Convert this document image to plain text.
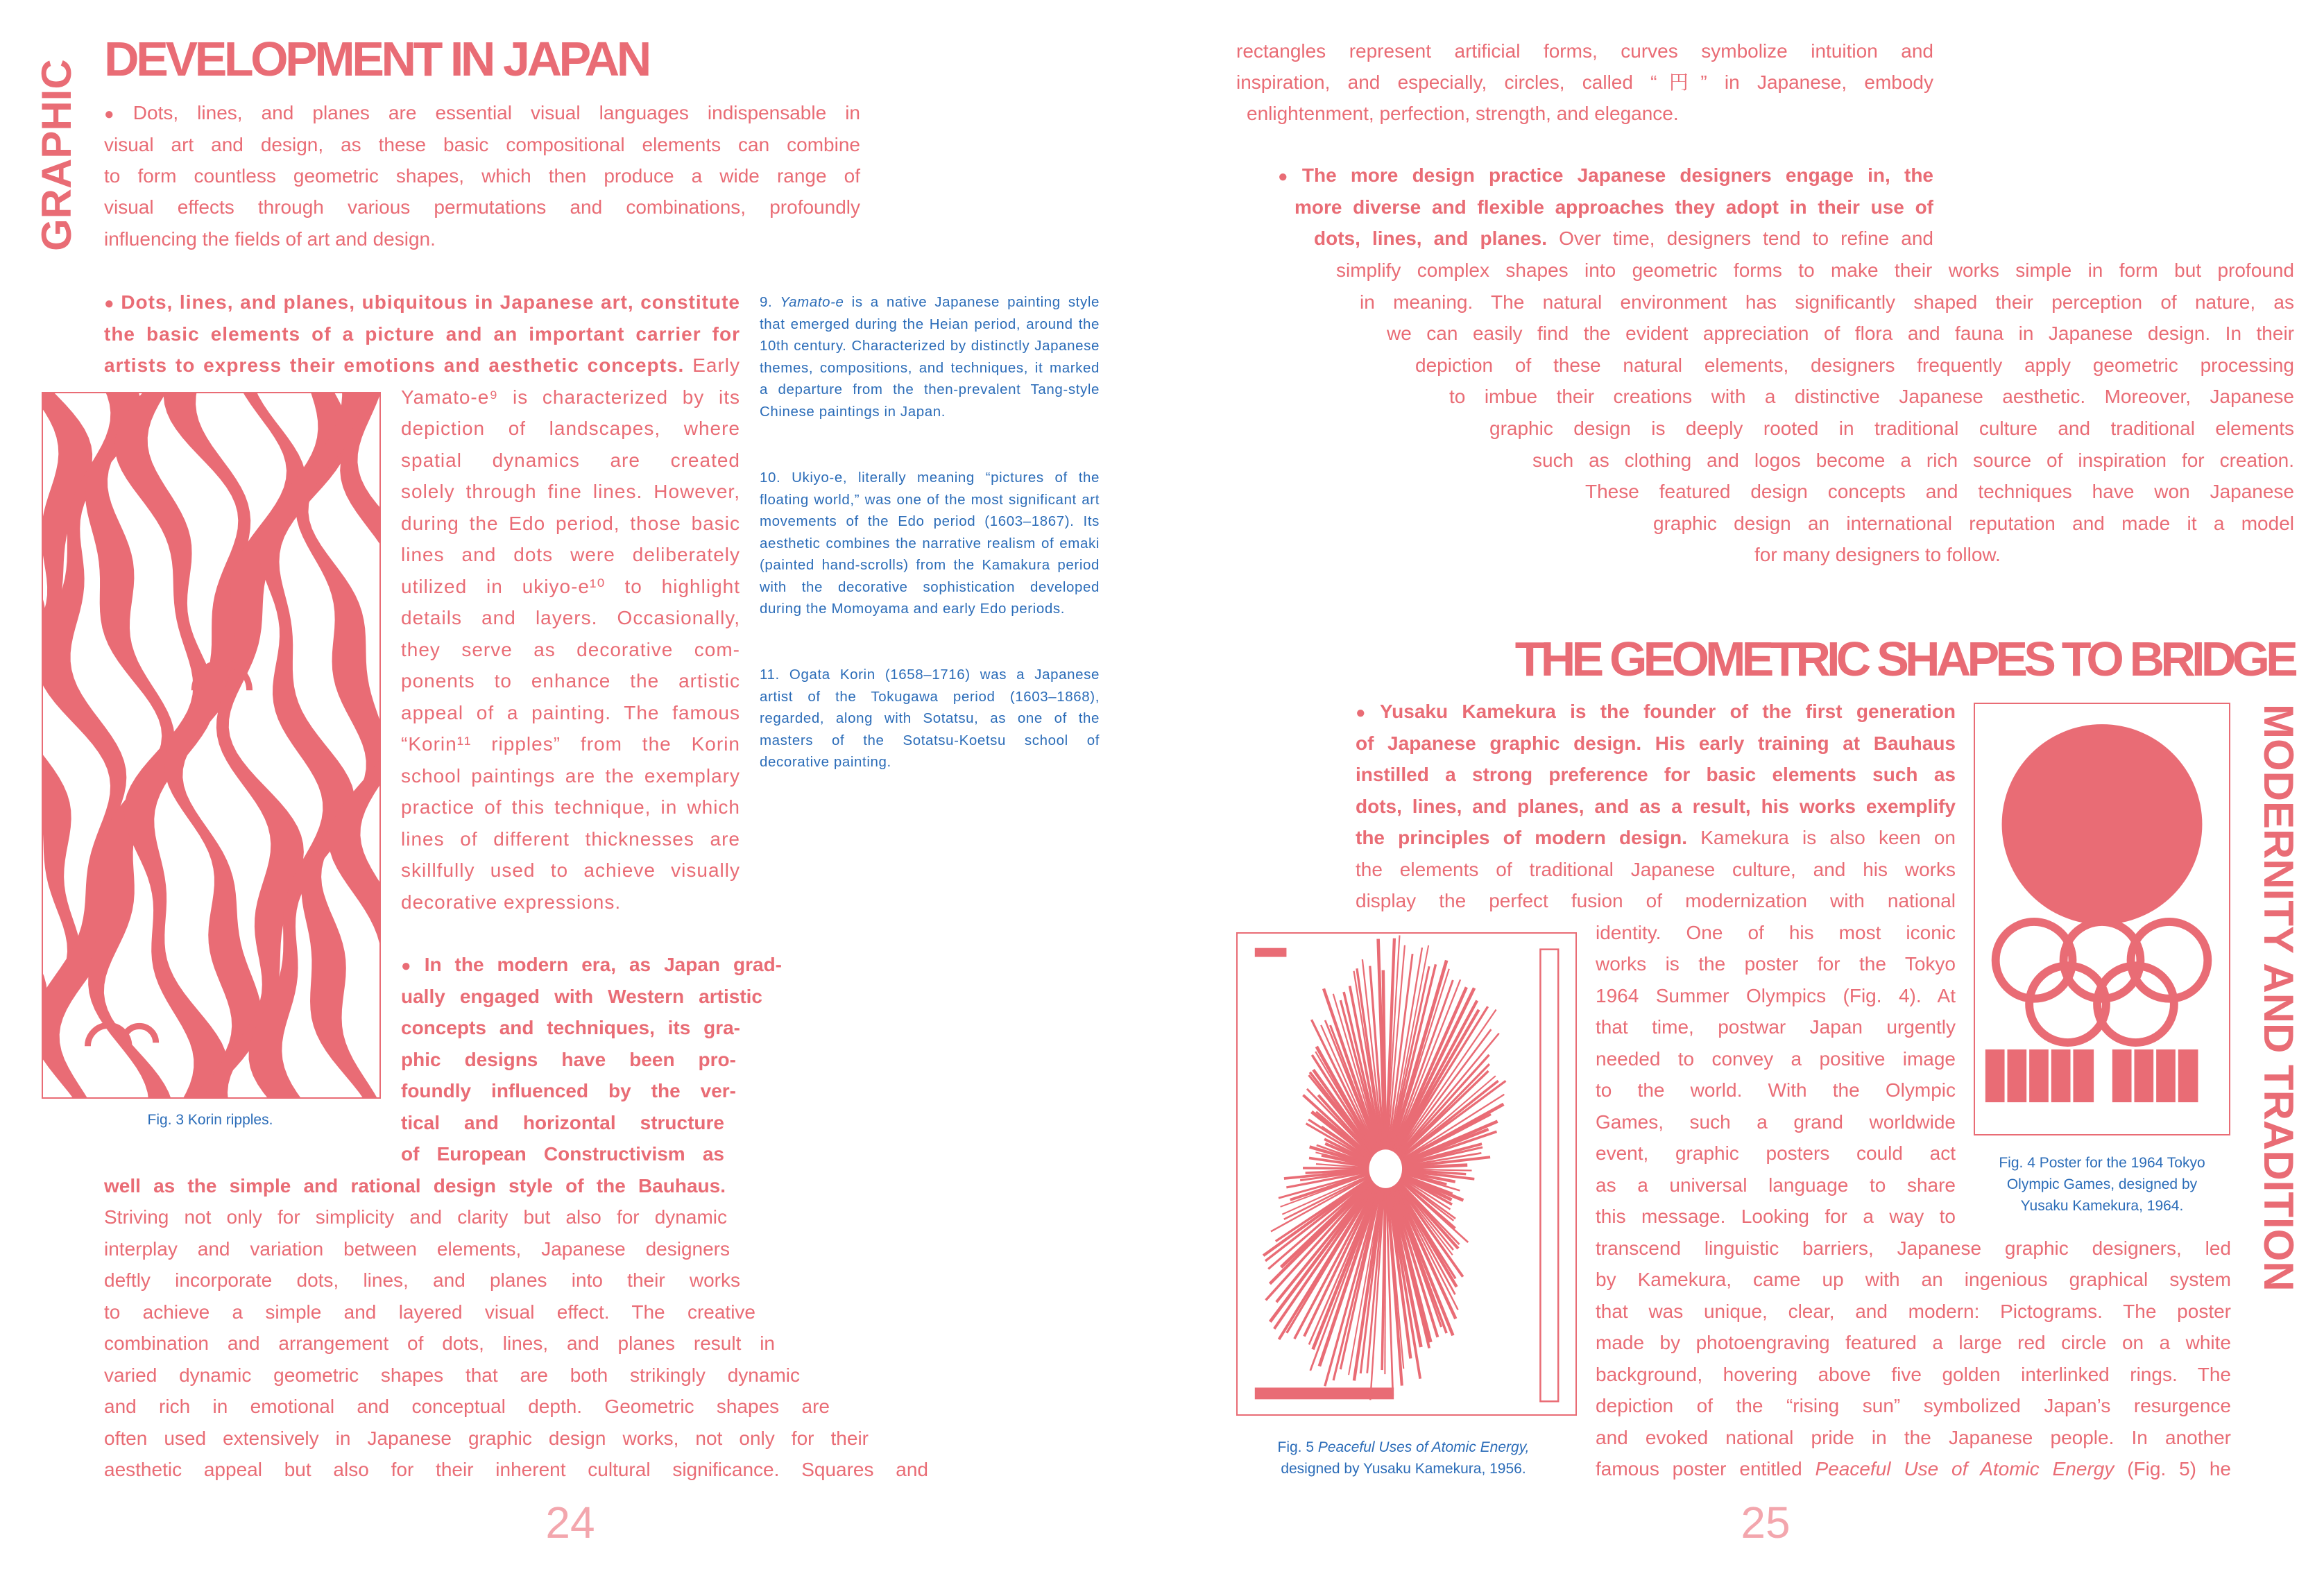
GRAPHIC
DEVELOPMENT IN JAPAN
● Dots, lines, and planes are essential visual languages indispensable in
visual art and design, as these basic compositional elements can combine
to form countless geometric shapes, which then produce a wide range of
visual effects through various permutations and combinations, profoundly
influencing the fields of art and design.
● Dots, lines, and planes, ubiquitous in Japanese art, constitute
the basic elements of a picture and an important carrier for
artists to express their emotions and aesthetic concepts. Early
Yamato-e⁹ is characterized by its
depiction of landscapes, where
spatial dynamics are created
solely through fine lines. However,
during the Edo period, those basic
lines and dots were deliberately
utilized in ukiyo-e¹⁰ to highlight
details and layers. Occasionally,
they serve as decorative com-
ponents to enhance the artistic
appeal of a painting. The famous
“Korin¹¹ ripples” from the Korin
school paintings are the exemplary
practice of this technique, in which
lines of different thicknesses are
skillfully used to achieve visually
decorative expressions.
● In the modern era, as Japan grad-
ually engaged with Western artistic
concepts and techniques, its gra-
phic designs have been pro-
foundly influenced by the ver-
tical and horizontal structure
of European Constructivism as
well as the simple and rational design style of the Bauhaus.
Striving not only for simplicity and clarity but also for dynamic
interplay and variation between elements, Japanese designers
deftly incorporate dots, lines, and planes into their works
to achieve a simple and layered visual effect. The creative
combination and arrangement of dots, lines, and planes result in
varied dynamic geometric shapes that are both strikingly dynamic
and rich in emotional and conceptual depth. Geometric shapes are
often used extensively in Japanese graphic design works, not only for their
aesthetic appeal but also for their inherent cultural significance. Squares and
Fig. 3 Korin ripples.
9. Yamato-e is a native Japanese painting style that emerged during the Heian period, around the 10th century. Characterized by distinctly Japanese themes, compositions, and techniques, it marked a departure from the then-prevalent Tang-style Chinese paintings in Japan.
10. Ukiyo-e, literally meaning “pictures of the floating world,” was one of the most significant art movements of the Edo period (1603–1867). Its aesthetic combines the narrative realism of emaki (painted hand-scrolls) from the Kamakura period with the decorative sophistication developed during the Momoyama and early Edo periods.
11. Ogata Korin (1658–1716) was a Japanese artist of the Tokugawa period (1603–1868), regarded, along with Sotatsu, as one of the masters of the Sotatsu-Koetsu school of decorative painting.
24
rectangles represent artificial forms, curves symbolize intuition and
inspiration, and especially, circles, called “円” in Japanese, embody
enlightenment, perfection, strength, and elegance.
● The more design practice Japanese designers engage in, the
more diverse and flexible approaches they adopt in their use of
dots, lines, and planes. Over time, designers tend to refine and
simplify complex shapes into geometric forms to make their works simple in form but profound
in meaning. The natural environment has significantly shaped their perception of nature, as
we can easily find the evident appreciation of flora and fauna in Japanese design. In their
depiction of these natural elements, designers frequently apply geometric processing
to imbue their creations with a distinctive Japanese aesthetic. Moreover, Japanese
graphic design is deeply rooted in traditional culture and traditional elements
such as clothing and logos become a rich source of inspiration for creation.
These featured design concepts and techniques have won Japanese
graphic design an international reputation and made it a model
for many designers to follow.
THE GEOMETRIC SHAPES TO BRIDGE
MODERNITY AND TRADITION
● Yusaku Kamekura is the founder of the first generation
of Japanese graphic design. His early training at Bauhaus
instilled a strong preference for basic elements such as
dots, lines, and planes, and as a result, his works exemplify
the principles of modern design. Kamekura is also keen on
the elements of traditional Japanese culture, and his works
display the perfect fusion of modernization with national
identity. One of his most iconic
works is the poster for the Tokyo
1964 Summer Olympics (Fig. 4). At
that time, postwar Japan urgently
needed to convey a positive image
to the world. With the Olympic
Games, such a grand worldwide
event, graphic posters could act
as a universal language to share
this message. Looking for a way to
transcend linguistic barriers, Japanese graphic designers, led
by Kamekura, came up with an ingenious graphical system
that was unique, clear, and modern: Pictograms. The poster
made by photoengraving featured a large red circle on a white
background, hovering above five golden interlinked rings. The
depiction of the “rising sun” symbolized Japan’s resurgence
and evoked national pride in the Japanese people. In another
famous poster entitled Peaceful Use of Atomic Energy (Fig. 5) he
Fig. 4 Poster for the 1964 Tokyo
Olympic Games, designed by
Yusaku Kamekura, 1964.
Fig. 5 Peaceful Uses of Atomic Energy,
designed by Yusaku Kamekura, 1956.
25
